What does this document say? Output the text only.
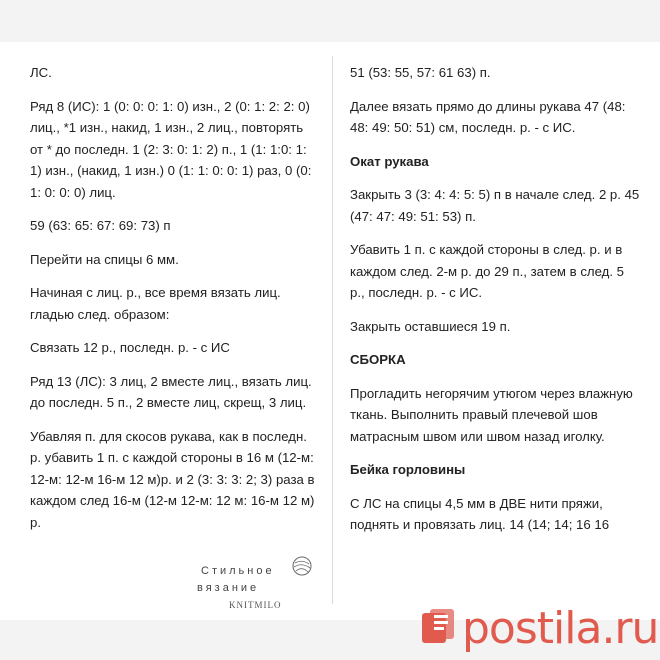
ЛС.

Ряд 8 (ИС): 1 (0: 0: 0: 1: 0) изн., 2 (0: 1: 2: 2: 0) лиц., *1 изн., накид, 1 изн., 2 лиц., повторять от * до последн. 1 (2: 3: 0: 1: 2) п., 1 (1: 1:0: 1: 1) изн., (накид, 1 изн.) 0 (1: 1: 0: 0: 1) раз, 0 (0: 1: 0: 0: 0) лиц.

59 (63: 65: 67: 69: 73) п

Перейти на спицы 6 мм.

Начиная с лиц. р., все время вязать лиц. гладью след. образом:

Связать 12 р., последн. р. - с ИС

Ряд 13 (ЛС): 3 лиц, 2 вместе лиц., вязать лиц. до последн. 5 п., 2 вместе лиц, скрещ, 3 лиц.

Убавляя п. для скосов рукава, как в последн. р. убавить 1 п. с каждой стороны в 16 м (12-м: 12-м: 12-м 16-м 12 м)р. и 2 (3: 3: 3: 2; 3) раза в каждом след 16-м (12-м 12-м: 12 м: 16-м 12 м) р.

51 (53: 55, 57: 61 63) п.

Далее вязать прямо до длины рукава 47 (48: 48: 49: 50: 51) см, последн. р. - с ИС.

Окат рукава

Закрыть 3 (3: 4: 4: 5: 5) п в начале след. 2 р. 45 (47: 47: 49: 51: 53) п.

Убавить 1 п. с каждой стороны в след. р. и в каждом след. 2-м р. до 29 п., затем в след. 5 р., последн. р. - с ИС.

Закрыть оставшиеся 19 п.

СБОРКА

Прогладить негорячим утюгом через влажную ткань. Выполнить правый плечевой шов матрасным швом или швом назад иголку.

Бейка горловины

С ЛС на спицы 4,5 мм в ДВЕ нити пряжи, поднять и провязать лиц. 14 (14; 14; 16 16

Стильное
вязание
KNITMILO	postila.ru
